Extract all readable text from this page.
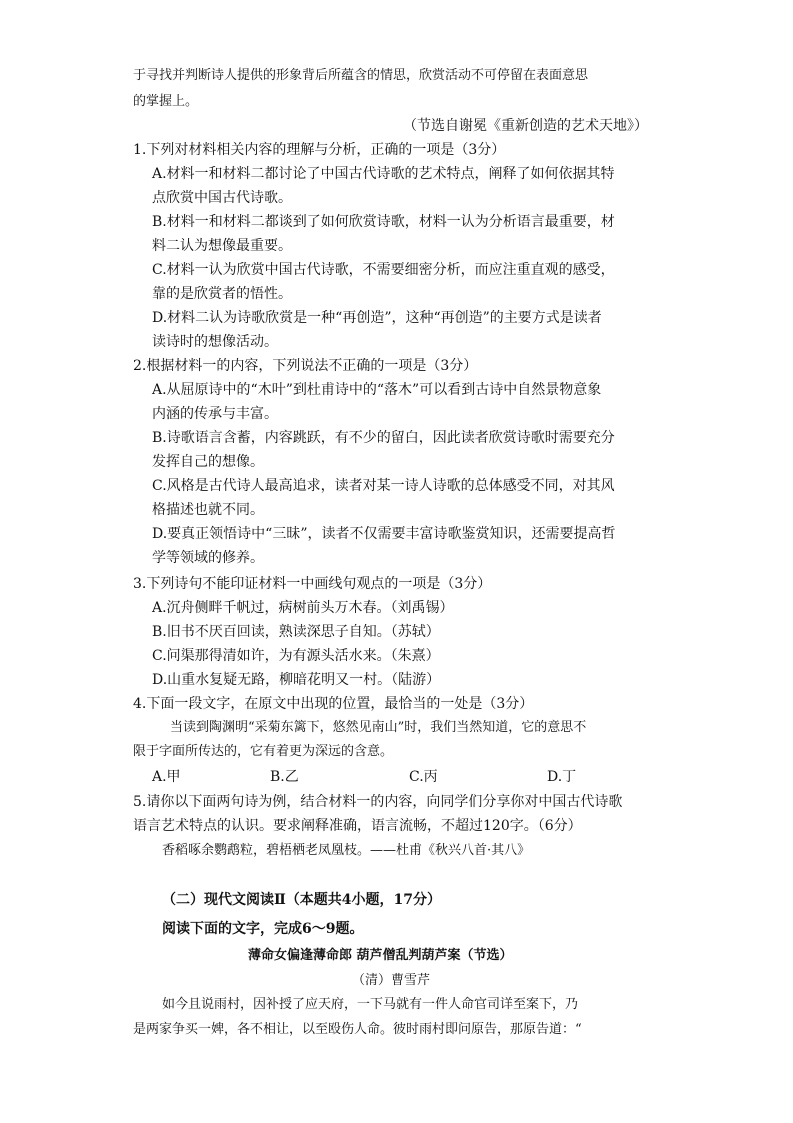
于寻找并判断诗人提供的形象背后所蕴含的情思，欣赏活动不可停留在表面意思
的掌握上。
（节选自谢冕《重新创造的艺术天地》）
1.下列对材料相关内容的理解与分析，正确的一项是（3分）
A.材料一和材料二都讨论了中国古代诗歌的艺术特点，阐释了如何依据其特
点欣赏中国古代诗歌。
B.材料一和材料二都谈到了如何欣赏诗歌，材料一认为分析语言最重要，材
料二认为想像最重要。
C.材料一认为欣赏中国古代诗歌，不需要细密分析，而应注重直观的感受，
靠的是欣赏者的悟性。
D.材料二认为诗歌欣赏是一种“再创造”，这种“再创造”的主要方式是读者
读诗时的想像活动。
2.根据材料一的内容，下列说法不正确的一项是（3分）
A.从屈原诗中的“木叶”到杜甫诗中的“落木”可以看到古诗中自然景物意象
内涵的传承与丰富。
B.诗歌语言含蓄，内容跳跃，有不少的留白，因此读者欣赏诗歌时需要充分
发挥自己的想像。
C.风格是古代诗人最高追求，读者对某一诗人诗歌的总体感受不同，对其风
格描述也就不同。
D.要真正领悟诗中“三昧”，读者不仅需要丰富诗歌鉴赏知识，还需要提高哲
学等领域的修养。
3.下列诗句不能印证材料一中画线句观点的一项是（3分）
A.沉舟侧畔千帆过，病树前头万木春。（刘禹锡）
B.旧书不厌百回读，熟读深思子自知。（苏轼）
C.问渠那得清如许，为有源头活水来。（朱熹）
D.山重水复疑无路，柳暗花明又一村。（陆游）
4.下面一段文字，在原文中出现的位置，最恰当的一处是（3分）
当读到陶渊明“采菊东篱下，悠然见南山”时，我们当然知道，它的意思不
限于字面所传达的，它有着更为深远的含意。
A.甲	B.乙	C.丙	D.丁
5.请你以下面两句诗为例，结合材料一的内容，向同学们分享你对中国古代诗歌
语言艺术特点的认识。要求阐释准确，语言流畅，不超过120字。（6分）
香稻啄余鹦鹉粒，碧梧栖老凤凰枝。——杜甫《秋兴八首·其八》
（二）现代文阅读Ⅱ（本题共4小题，17分）
阅读下面的文字，完成6～9题。
薄命女偏逢薄命郎 葫芦僧乱判葫芦案（节选）
（清）曹雪芹
如今且说雨村，因补授了应天府，一下马就有一件人命官司详至案下，乃
是两家争买一婢，各不相让，以至殴伤人命。彼时雨村即问原告，那原告道：“
